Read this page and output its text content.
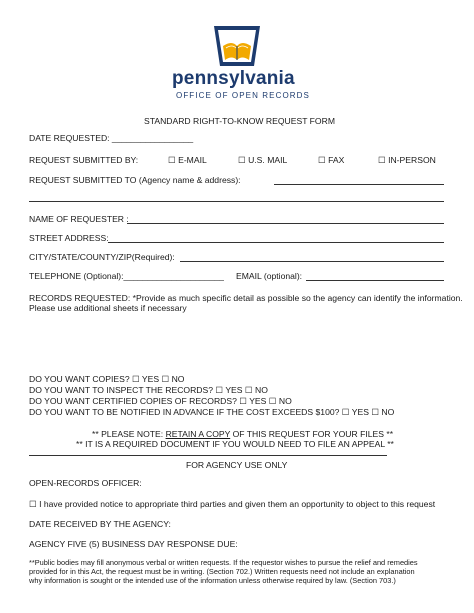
pennsylvania
OFFICE OF OPEN RECORDS
STANDARD RIGHT-TO-KNOW REQUEST FORM
DATE REQUESTED: _________________
REQUEST SUBMITTED BY:	☐ E-MAIL	☐ U.S. MAIL	☐ FAX	☐ IN-PERSON
REQUEST SUBMITTED TO (Agency name & address):
NAME OF REQUESTER :
STREET ADDRESS:
CITY/STATE/COUNTY/ZIP(Required):
TELEPHONE (Optional):_____________________ EMAIL (optional):
RECORDS REQUESTED: *Provide as much specific detail as possible so the agency can identify the information.
Please use additional sheets if necessary
DO YOU WANT COPIES? ☐ YES ☐ NO
DO YOU WANT TO INSPECT THE RECORDS? ☐ YES ☐ NO
DO YOU WANT CERTIFIED COPIES OF RECORDS? ☐ YES ☐ NO
DO YOU WANT TO BE NOTIFIED IN ADVANCE IF THE COST EXCEEDS $100? ☐ YES ☐ NO
** PLEASE NOTE: RETAIN A COPY OF THIS REQUEST FOR YOUR FILES **
** IT IS A REQUIRED DOCUMENT IF YOU WOULD NEED TO FILE AN APPEAL **
FOR AGENCY USE ONLY
OPEN-RECORDS OFFICER:
☐ I have provided notice to appropriate third parties and given them an opportunity to object to this request
DATE RECEIVED BY THE AGENCY:
AGENCY FIVE (5) BUSINESS DAY RESPONSE DUE:
**Public bodies may fill anonymous verbal or written requests. If the requestor wishes to pursue the relief and remedies
provided for in this Act, the request must be in writing. (Section 702.) Written requests need not include an explanation
why information is sought or the intended use of the information unless otherwise required by law. (Section 703.)
